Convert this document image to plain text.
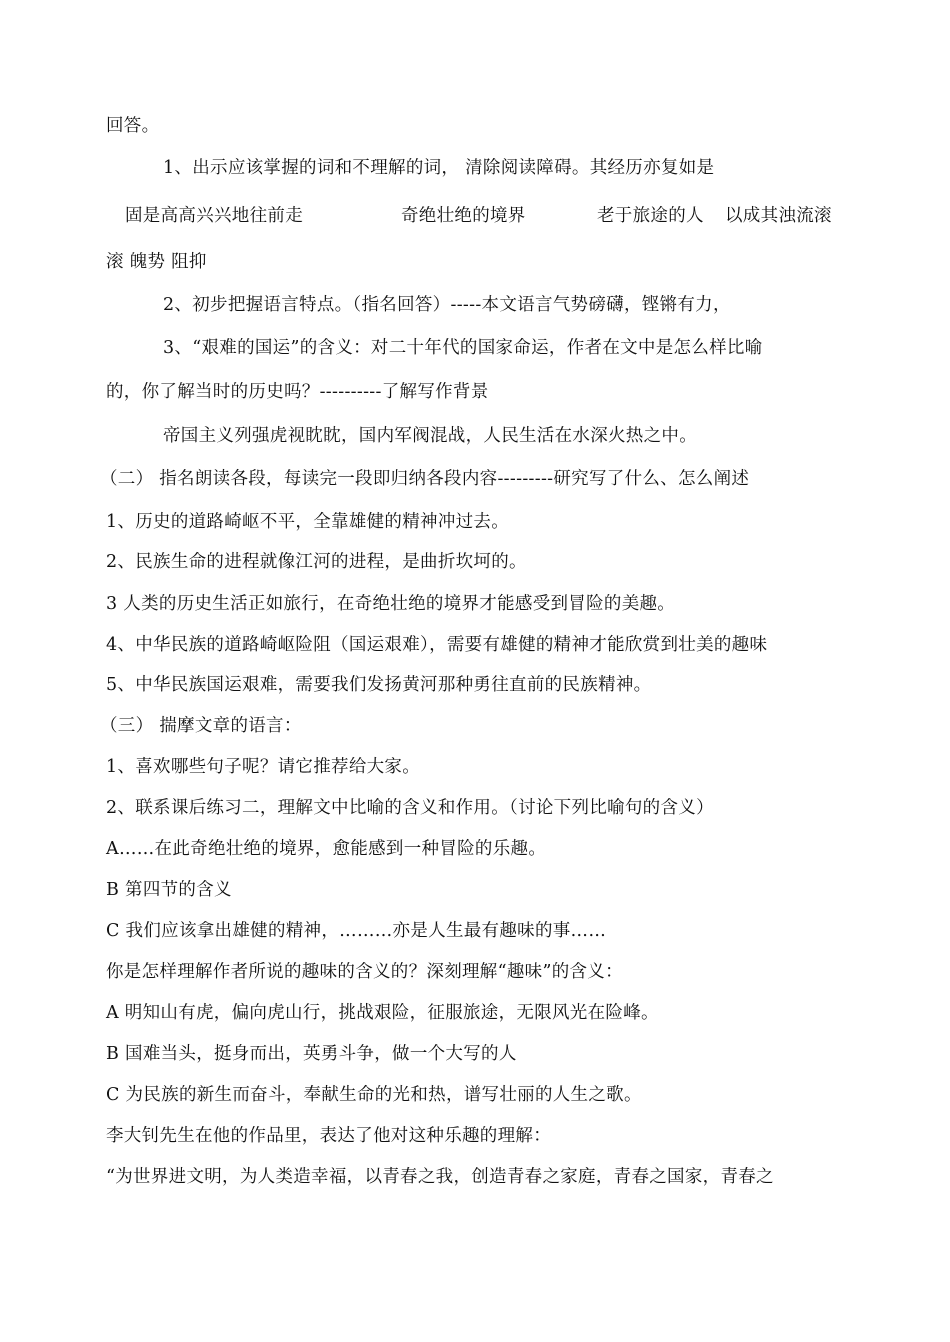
回答。
1、出示应该掌握的词和不理解的词， 清除阅读障碍。其经历亦复如是
固是高高兴兴地往前走	奇绝壮绝的境界	老于旅途的人 以成其浊流滚
滚 魄势 阻抑
2、初步把握语言特点。（指名回答）-----本文语言气势磅礴，铿锵有力，
3、“艰难的国运”的含义：对二十年代的国家命运，作者在文中是怎么样比喻
的，你了解当时的历史吗？----------了解写作背景
帝国主义列强虎视眈眈，国内军阀混战，人民生活在水深火热之中。
（二） 指名朗读各段，每读完一段即归纳各段内容---------研究写了什么、怎么阐述
1、历史的道路崎岖不平，全靠雄健的精神冲过去。
2、民族生命的进程就像江河的进程，是曲折坎坷的。
3 人类的历史生活正如旅行，在奇绝壮绝的境界才能感受到冒险的美趣。
4、中华民族的道路崎岖险阻（国运艰难），需要有雄健的精神才能欣赏到壮美的趣味
5、中华民族国运艰难，需要我们发扬黄河那种勇往直前的民族精神。
（三） 揣摩文章的语言：
1、喜欢哪些句子呢？请它推荐给大家。
2、联系课后练习二，理解文中比喻的含义和作用。（讨论下列比喻句的含义）
A……在此奇绝壮绝的境界，愈能感到一种冒险的乐趣。
B 第四节的含义
C 我们应该拿出雄健的精神，………亦是人生最有趣味的事……
你是怎样理解作者所说的趣味的含义的？深刻理解“趣味”的含义：
A 明知山有虎，偏向虎山行，挑战艰险，征服旅途，无限风光在险峰。
B 国难当头，挺身而出，英勇斗争，做一个大写的人
C 为民族的新生而奋斗，奉献生命的光和热，谱写壮丽的人生之歌。
李大钊先生在他的作品里，表达了他对这种乐趣的理解：
“为世界进文明，为人类造幸福，以青春之我，创造青春之家庭，青春之国家，青春之
